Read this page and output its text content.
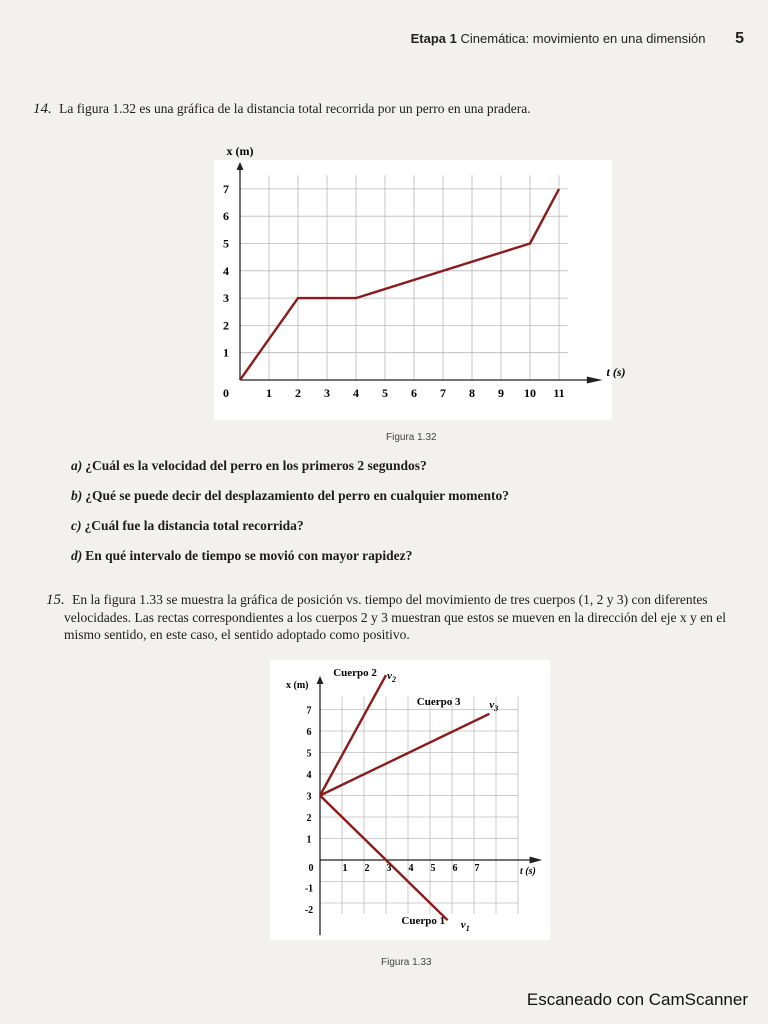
Etapa 1 Cinemática: movimiento en una dimensión 5
14. La figura 1.32 es una gráfica de la distancia total recorrida por un perro en una pradera.
0	1 2 3 4 5 6 7 8 9 10 11
1
2
3
4
5
6
7
x (m)
t (s)
Figura 1.32
a) ¿Cuál es la velocidad del perro en los primeros 2 segundos?
b) ¿Qué se puede decir del desplazamiento del perro en cualquier momento?
c) ¿Cuál fue la distancia total recorrida?
d) En qué intervalo de tiempo se movió con mayor rapidez?
15. En la figura 1.33 se muestra la gráfica de posición vs. tiempo del movimiento de tres cuerpos (1, 2 y 3) con diferentes velocidades. Las rectas correspondientes a los cuerpos 2 y 3 muestran que estos se mueven en la dirección del eje x y en el mismo sentido, en este caso, el sentido adoptado como positivo.
0	1 2 3 4 5 6 7
7
6
5
4
3
2
1
-1
-2
x (m)
t (s)
Cuerpo 1 $v_1$
Cuerpo 2 $v_2$
Cuerpo 3	$v_3$
Figura 1.33
Escaneado con CamScanner
